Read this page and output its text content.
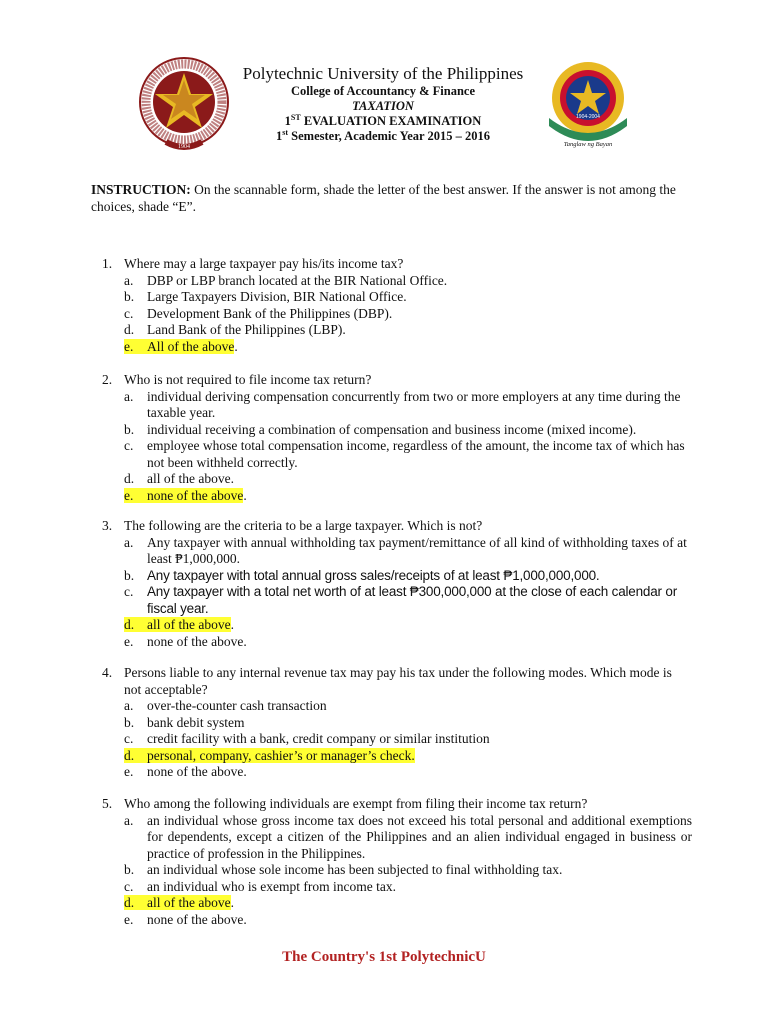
1904	Tanglaw ng Bayan
1904-2004
Polytechnic University of the Philippines
College of Accountancy & Finance
TAXATION
1ST EVALUATION EXAMINATION
1st Semester, Academic Year 2015 – 2016
INSTRUCTION: On the scannable form, shade the letter of the best answer. If the answer is not among the choices, shade “E”.
1. Where may a large taxpayer pay his/its income tax?
a.	DBP or LBP branch located at the BIR National Office.
b. Large Taxpayers Division, BIR National Office.
c.	Development Bank of the Philippines (DBP).
d. Land Bank of the Philippines (LBP).
e. All of the above.
2. Who is not required to file income tax return?
a.	individual deriving compensation concurrently from two or more employers at any time during the taxable year.
b. individual receiving a combination of compensation and business income (mixed income).
c.	employee whose total compensation income, regardless of the amount, the income tax of which has not been withheld correctly.
d. all of the above.
e. none of the above.
3. The following are the criteria to be a large taxpayer. Which is not?
a.	Any taxpayer with annual withholding tax payment/remittance of all kind of withholding taxes of at least ₱1,000,000.
b. Any taxpayer with total annual gross sales/receipts of at least ₱1,000,000,000.
c.	Any taxpayer with a total net worth of at least ₱300,000,000 at the close of each calendar or fiscal year.
d. all of the above.
e.	none of the above.
4. Persons liable to any internal revenue tax may pay his tax under the following modes. Which mode is not acceptable?
a.	over-the-counter cash transaction
b. bank debit system
c.	credit facility with a bank, credit company or similar institution
d. personal, company, cashier’s or manager’s check.
e.	none of the above.
5. Who among the following individuals are exempt from filing their income tax return?
a.	an individual whose gross income tax does not exceed his total personal and additional exemptions for dependents, except a citizen of the Philippines and an alien individual engaged in business or practice of profession in the Philippines.
b. an individual whose sole income has been subjected to final withholding tax.
c.	an individual who is exempt from income tax.
d. all of the above.
e.	none of the above.
The Country's 1st PolytechnicU
